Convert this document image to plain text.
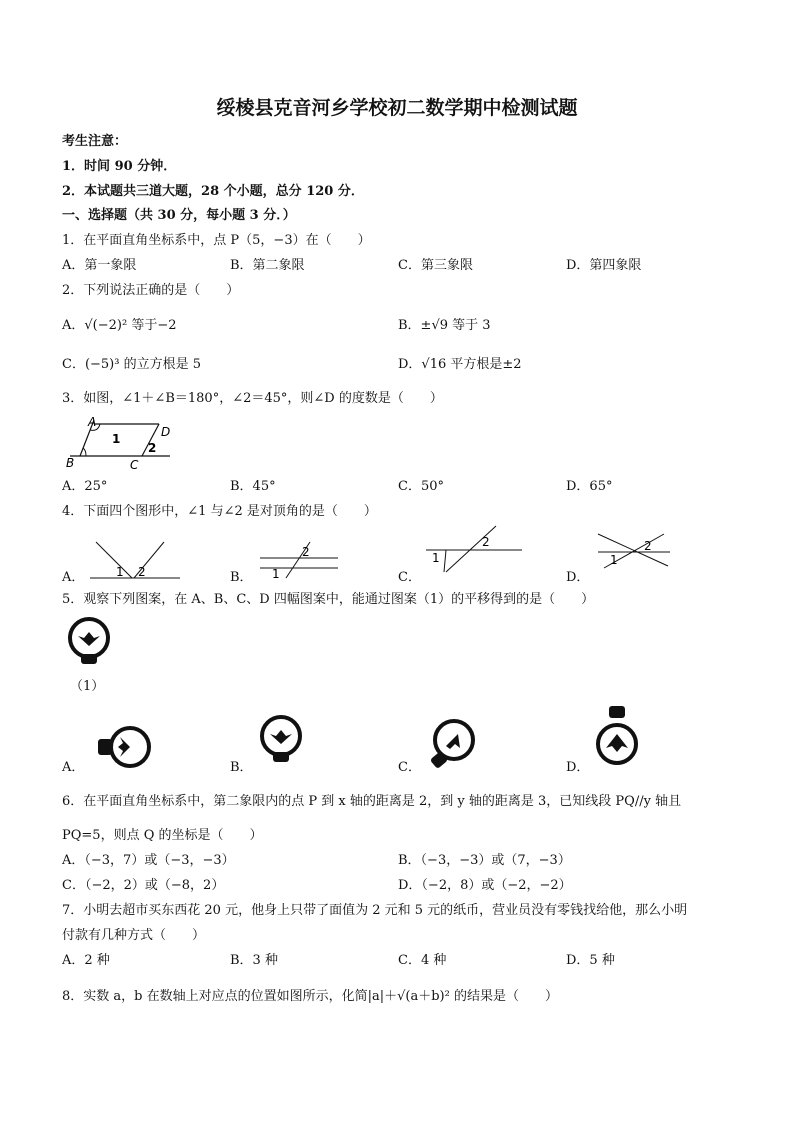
绥棱县克音河乡学校初二数学期中检测试题
考生注意：
1．时间 90 分钟．
2．本试题共三道大题，28 个小题，总分 120 分．
一、选择题（共 30 分，每小题 3 分．）
1．在平面直角坐标系中，点 P（5，−3）在（　　）
A．第一象限	B．第二象限	C．第三象限	D．第四象限
2．下列说法正确的是（　　）
A．√(−2)² 等于−2	B．±√9 等于 3
C．(−5)³ 的立方根是 5	D．√16 平方根是±2
3．如图，∠1＋∠B＝180°，∠2＝45°，则∠D 的度数是（　　）
A
1	D
2
B	C
A．25°	B．45°	C．50°	D．65°
4．下面四个图形中，∠1 与∠2 是对顶角的是（　　）
A．	1 2	B． 1
2
C．
1
2
D．
1
2
5．观察下列图案，在 A、B、C、D 四幅图案中，能通过图案（1）的平移得到的是（　　）
（1）
A．	B．	C．	D．
6．在平面直角坐标系中，第二象限内的点 P 到 x 轴的距离是 2，到 y 轴的距离是 3，已知线段 PQ//y 轴且
PQ=5，则点 Q 的坐标是（　　）
A．（−3，7）或（−3，−3）	B．（−3，−3）或（7，−3）
C．（−2，2）或（−8，2）	D．（−2，8）或（−2，−2）
7．小明去超市买东西花 20 元，他身上只带了面值为 2 元和 5 元的纸币，营业员没有零钱找给他，那么小明
付款有几种方式（　　）
A．2 种	B．3 种	C．4 种	D．5 种
8．实数 a，b 在数轴上对应点的位置如图所示，化简|a|＋√(a＋b)² 的结果是（　　）
